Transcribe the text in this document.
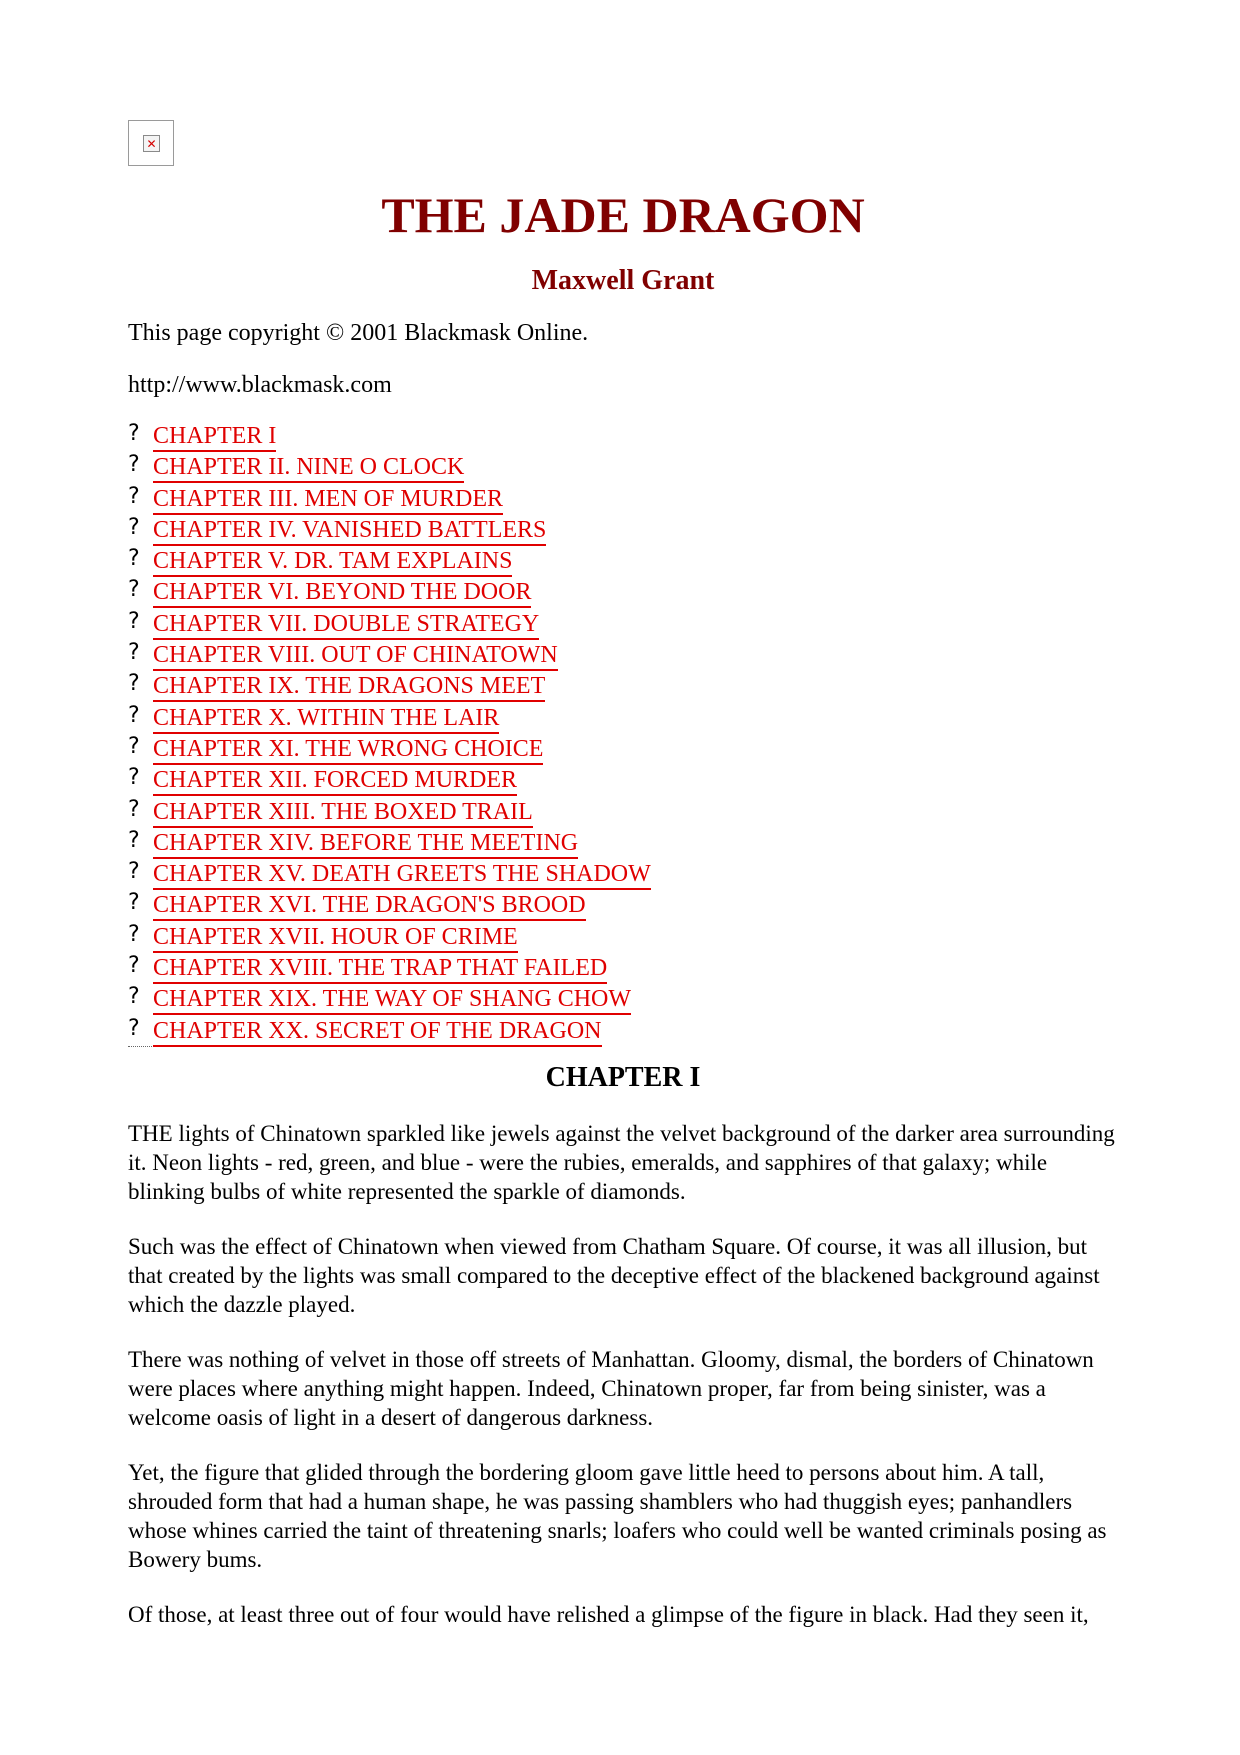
✕
THE JADE DRAGON
Maxwell Grant

This page copyright © 2001 Blackmask Online.

http://www.blackmask.com

? CHAPTER I
? CHAPTER II. NINE O CLOCK
? CHAPTER III. MEN OF MURDER
? CHAPTER IV. VANISHED BATTLERS
? CHAPTER V. DR. TAM EXPLAINS
? CHAPTER VI. BEYOND THE DOOR
? CHAPTER VII. DOUBLE STRATEGY
? CHAPTER VIII. OUT OF CHINATOWN
? CHAPTER IX. THE DRAGONS MEET
? CHAPTER X. WITHIN THE LAIR
? CHAPTER XI. THE WRONG CHOICE
? CHAPTER XII. FORCED MURDER
? CHAPTER XIII. THE BOXED TRAIL
? CHAPTER XIV. BEFORE THE MEETING
? CHAPTER XV. DEATH GREETS THE SHADOW
? CHAPTER XVI. THE DRAGON'S BROOD
? CHAPTER XVII. HOUR OF CRIME
? CHAPTER XVIII. THE TRAP THAT FAILED
? CHAPTER XIX. THE WAY OF SHANG CHOW
? CHAPTER XX. SECRET OF THE DRAGON
CHAPTER I

THE lights of Chinatown sparkled like jewels against the velvet background of the darker area surrounding it. Neon lights - red, green, and blue - were the rubies, emeralds, and sapphires of that galaxy; while blinking bulbs of white represented the sparkle of diamonds.

Such was the effect of Chinatown when viewed from Chatham Square. Of course, it was all illusion, but that created by the lights was small compared to the deceptive effect of the blackened background against which the dazzle played.

There was nothing of velvet in those off streets of Manhattan. Gloomy, dismal, the borders of Chinatown were places where anything might happen. Indeed, Chinatown proper, far from being sinister, was a welcome oasis of light in a desert of dangerous darkness.

Yet, the figure that glided through the bordering gloom gave little heed to persons about him. A tall, shrouded form that had a human shape, he was passing shamblers who had thuggish eyes; panhandlers whose whines carried the taint of threatening snarls; loafers who could well be wanted criminals posing as Bowery bums.

Of those, at least three out of four would have relished a glimpse of the figure in black. Had they seen it,
